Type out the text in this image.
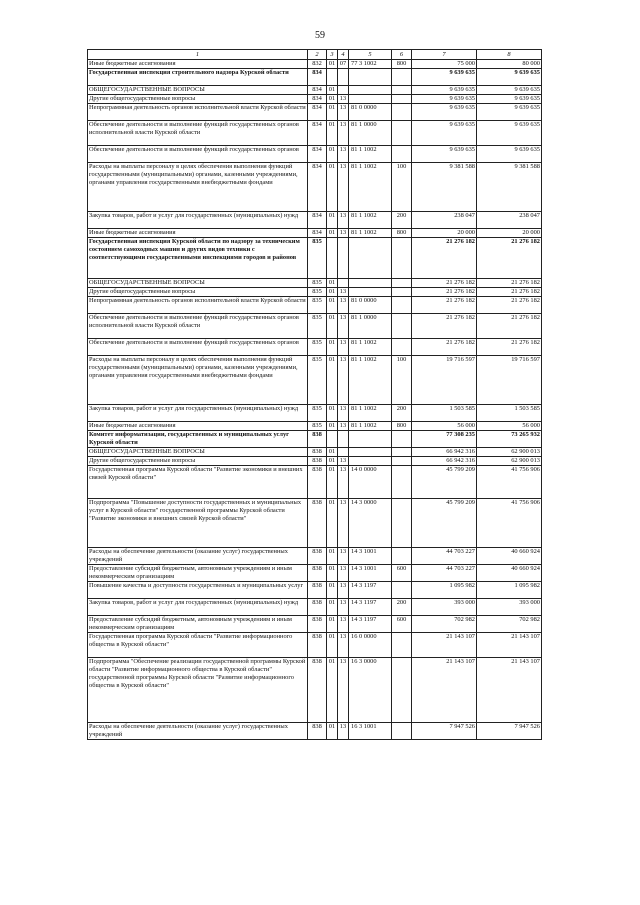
59
1	2	3	4	5	6	7	8
Иные бюджетные ассигнования	832	01	07	77 3 1002	800	75 000	80 000
Государственная инспекция строительного надзора Курской области	834					9 639 635	9 639 635
ОБЩЕГОСУДАРСТВЕННЫЕ ВОПРОСЫ	834	01				9 639 635	9 639 635
Другие общегосударственные вопросы	834	01	13			9 639 635	9 639 635
Непрограммная деятельность органов исполнительной власти Курской области	834	01	13	81 0 0000		9 639 635	9 639 635
Обеспечение деятельности и выполнение функций государственных органов исполнительной власти Курской области	834	01	13	81 1 0000		9 639 635	9 639 635
Обеспечение деятельности и выполнение функций государственных органов	834	01	13	81 1 1002		9 639 635	9 639 635
Расходы на выплаты персоналу в целях обеспечения выполнения функций государственными (муниципальными) органами, казенными учреждениями, органами управления государственными внебюджетными фондами	834	01	13	81 1 1002	100	9 381 588	9 381 588
Закупка товаров, работ и услуг для государственных (муниципальных) нужд	834	01	13	81 1 1002	200	238 047	238 047
Иные бюджетные ассигнования	834	01	13	81 1 1002	800	20 000	20 000
Государственная инспекция Курской области по надзору за техническим состоянием самоходных машин и других видов техники с соответствующими государственными инспекциями городов и районов	835					21 276 182	21 276 182
ОБЩЕГОСУДАРСТВЕННЫЕ ВОПРОСЫ	835	01				21 276 182	21 276 182
Другие общегосударственные вопросы	835	01	13			21 276 182	21 276 182
Непрограммная деятельность органов исполнительной власти Курской области	835	01	13	81 0 0000		21 276 182	21 276 182
Обеспечение деятельности и выполнение функций государственных органов исполнительной власти Курской области	835	01	13	81 1 0000		21 276 182	21 276 182
Обеспечение деятельности и выполнение функций государственных органов	835	01	13	81 1 1002		21 276 182	21 276 182
Расходы на выплаты персоналу в целях обеспечения выполнения функций государственными (муниципальными) органами, казенными учреждениями, органами управления государственными внебюджетными фондами	835	01	13	81 1 1002	100	19 716 597	19 716 597
Закупка товаров, работ и услуг для государственных (муниципальных) нужд	835	01	13	81 1 1002	200	1 503 585	1 503 585
Иные бюджетные ассигнования	835	01	13	81 1 1002	800	56 000	56 000
Комитет информатизации, государственных и муниципальных услуг Курской области	838					77 308 235	73 265 932
ОБЩЕГОСУДАРСТВЕННЫЕ ВОПРОСЫ	838	01				66 942 316	62 900 013
Другие общегосударственные вопросы	838	01	13			66 942 316	62 900 013
Государственная программа Курской области "Развитие экономики и внешних связей Курской области"	838	01	13	14 0 0000		45 799 209	41 756 906
Подпрограмма "Повышение доступности государственных и муниципальных услуг в Курской области" государственной программы Курской области "Развитие экономики и внешних связей Курской области"	838	01	13	14 3 0000		45 799 209	41 756 906
Расходы на обеспечение деятельности (оказание услуг) государственных учреждений	838	01	13	14 3 1001		44 703 227	40 660 924
Предоставление субсидий бюджетным, автономным учреждениям и иным некоммерческим организациям	838	01	13	14 3 1001	600	44 703 227	40 660 924
Повышение качества и доступности государственных и муниципальных услуг	838	01	13	14 3 1197		1 095 982	1 095 982
Закупка товаров, работ и услуг для государственных (муниципальных) нужд	838	01	13	14 3 1197	200	393 000	393 000
Предоставление субсидий бюджетным, автономным учреждениям и иным некоммерческим организациям	838	01	13	14 3 1197	600	702 982	702 982
Государственная программа Курской области "Развитие информационного общества в Курской области"	838	01	13	16 0 0000		21 143 107	21 143 107
Подпрограмма "Обеспечение реализации государственной программы Курской области "Развитие информационного общества в Курской области" государственной программы Курской области "Развитие информационного общества в Курской области"	838	01	13	16 3 0000		21 143 107	21 143 107
Расходы на обеспечение деятельности (оказание услуг) государственных учреждений	838	01	13	16 3 1001		7 947 526	7 947 526
